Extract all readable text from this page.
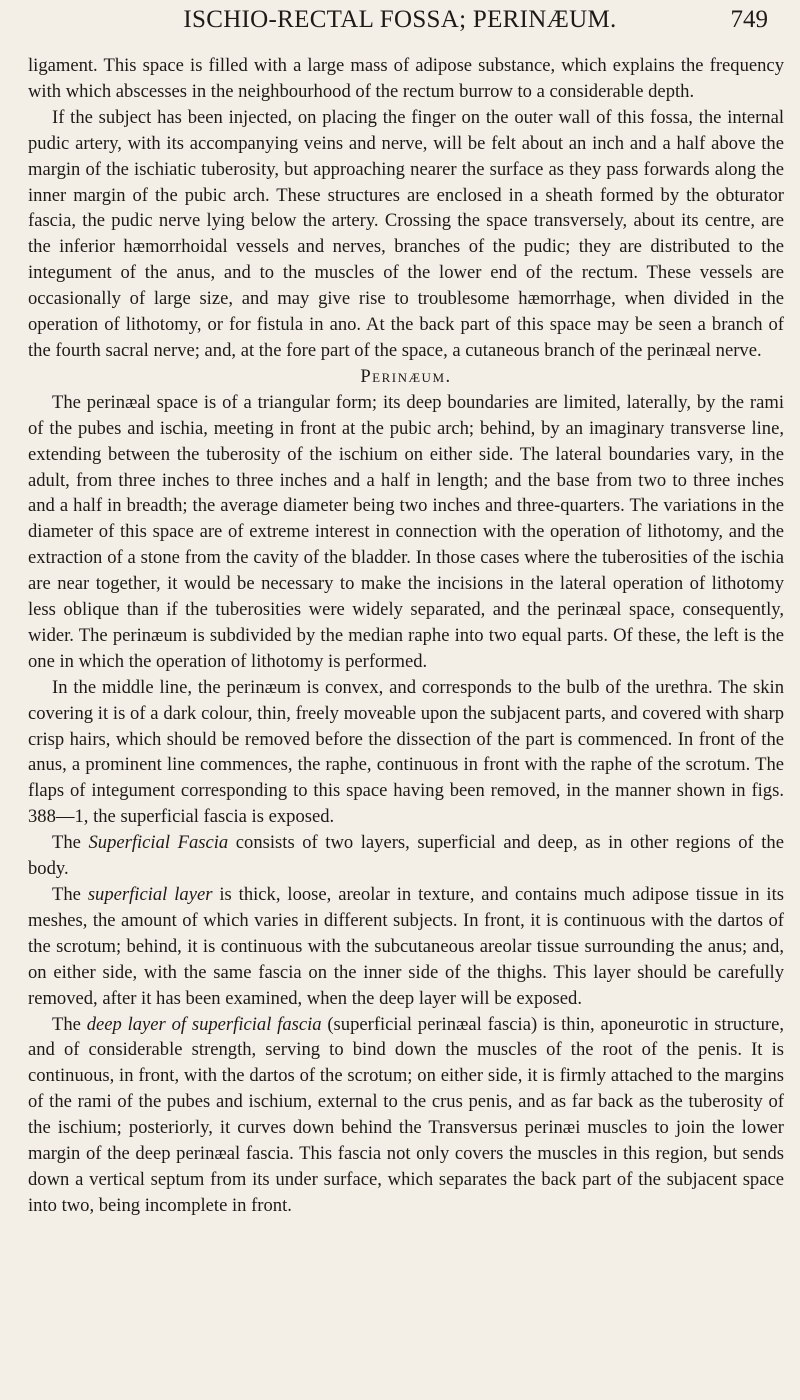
ISCHIO-RECTAL FOSSA; PERINÆUM.	749

ligament. This space is filled with a large mass of adipose substance, which explains the frequency with which abscesses in the neighbourhood of the rectum burrow to a considerable depth.

If the subject has been injected, on placing the finger on the outer wall of this fossa, the internal pudic artery, with its accompanying veins and nerve, will be felt about an inch and a half above the margin of the ischiatic tuberosity, but approaching nearer the surface as they pass forwards along the inner margin of the pubic arch. These structures are enclosed in a sheath formed by the obturator fascia, the pudic nerve lying below the artery. Crossing the space transversely, about its centre, are the inferior hæmorrhoidal vessels and nerves, branches of the pudic; they are distributed to the integument of the anus, and to the muscles of the lower end of the rectum. These vessels are occasionally of large size, and may give rise to troublesome hæmorrhage, when divided in the operation of lithotomy, or for fistula in ano. At the back part of this space may be seen a branch of the fourth sacral nerve; and, at the fore part of the space, a cutaneous branch of the perinæal nerve.

Perinæum.

The perinæal space is of a triangular form; its deep boundaries are limited, laterally, by the rami of the pubes and ischia, meeting in front at the pubic arch; behind, by an imaginary transverse line, extending between the tuberosity of the ischium on either side. The lateral boundaries vary, in the adult, from three inches to three inches and a half in length; and the base from two to three inches and a half in breadth; the average diameter being two inches and three-quarters. The variations in the diameter of this space are of extreme interest in connection with the operation of lithotomy, and the extraction of a stone from the cavity of the bladder. In those cases where the tuberosities of the ischia are near together, it would be necessary to make the incisions in the lateral operation of lithotomy less oblique than if the tuberosities were widely separated, and the perinæal space, consequently, wider. The perinæum is subdivided by the median raphe into two equal parts. Of these, the left is the one in which the operation of lithotomy is performed.

In the middle line, the perinæum is convex, and corresponds to the bulb of the urethra. The skin covering it is of a dark colour, thin, freely moveable upon the subjacent parts, and covered with sharp crisp hairs, which should be removed before the dissection of the part is commenced. In front of the anus, a prominent line commences, the raphe, continuous in front with the raphe of the scrotum. The flaps of integument corresponding to this space having been removed, in the manner shown in figs. 388—1, the superficial fascia is exposed.

The Superficial Fascia consists of two layers, superficial and deep, as in other regions of the body.

The superficial layer is thick, loose, areolar in texture, and contains much adipose tissue in its meshes, the amount of which varies in different subjects. In front, it is continuous with the dartos of the scrotum; behind, it is continuous with the subcutaneous areolar tissue surrounding the anus; and, on either side, with the same fascia on the inner side of the thighs. This layer should be carefully removed, after it has been examined, when the deep layer will be exposed.

The deep layer of superficial fascia (superficial perinæal fascia) is thin, aponeurotic in structure, and of considerable strength, serving to bind down the muscles of the root of the penis. It is continuous, in front, with the dartos of the scrotum; on either side, it is firmly attached to the margins of the rami of the pubes and ischium, external to the crus penis, and as far back as the tuberosity of the ischium; posteriorly, it curves down behind the Transversus perinæi muscles to join the lower margin of the deep perinæal fascia. This fascia not only covers the muscles in this region, but sends down a vertical septum from its under surface, which separates the back part of the subjacent space into two, being incomplete in front.
